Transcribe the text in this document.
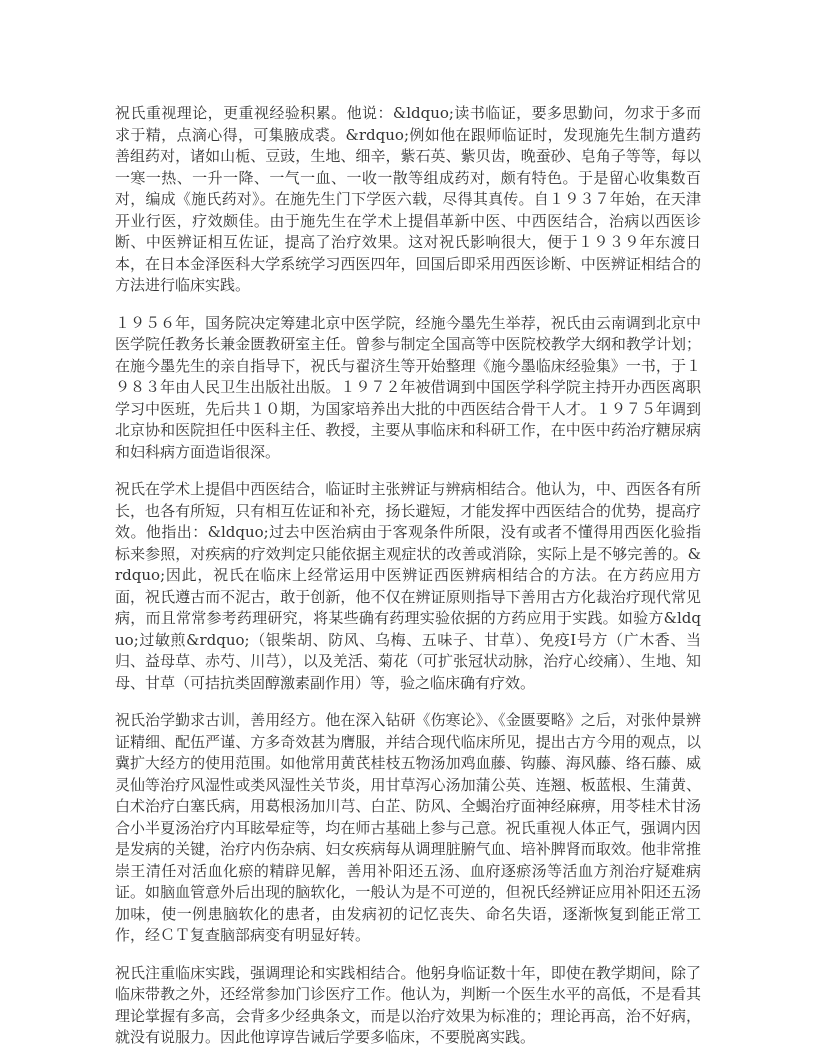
祝氏重视理论，更重视经验积累。他说：&ldquo;读书临证，要多思勤问，勿求于多而求于精，点滴心得，可集腋成裘。&rdquo;例如他在跟师临证时，发现施先生制方遣药善组药对，诸如山栀、豆豉，生地、细辛，紫石英、紫贝齿，晚蚕砂、皂角子等等，每以一寒一热、一升一降、一气一血、一收一散等组成药对，颇有特色。于是留心收集数百对，编成《施氏药对》。在施先生门下学医六载，尽得其真传。自１９３７年始，在天津开业行医，疗效颇佳。由于施先生在学术上提倡革新中医、中西医结合，治病以西医诊断、中医辨证相互佐证，提高了治疗效果。这对祝氏影响很大，便于１９３９年东渡日本，在日本金泽医科大学系统学习西医四年，回国后即采用西医诊断、中医辨证相结合的方法进行临床实践。

１９５６年，国务院决定筹建北京中医学院，经施今墨先生举荐，祝氏由云南调到北京中医学院任教务长兼金匮教研室主任。曾参与制定全国高等中医院校教学大纲和教学计划；在施今墨先生的亲自指导下，祝氏与翟济生等开始整理《施今墨临床经验集》一书，于１９８３年由人民卫生出版社出版。１９７２年被借调到中国医学科学院主持开办西医离职学习中医班，先后共１０期，为国家培养出大批的中西医结合骨干人才。１９７５年调到北京协和医院担任中医科主任、教授，主要从事临床和科研工作，在中医中药治疗糖尿病和妇科病方面造诣很深。

祝氏在学术上提倡中西医结合，临证时主张辨证与辨病相结合。他认为，中、西医各有所长，也各有所短，只有相互佐证和补充，扬长避短，才能发挥中西医结合的优势，提高疗效。他指出：&ldquo;过去中医治病由于客观条件所限，没有或者不懂得用西医化验指标来参照，对疾病的疗效判定只能依据主观症状的改善或消除，实际上是不够完善的。&rdquo;因此，祝氏在临床上经常运用中医辨证西医辨病相结合的方法。在方药应用方面，祝氏遵古而不泥古，敢于创新，他不仅在辨证原则指导下善用古方化裁治疗现代常见病，而且常常参考药理研究，将某些确有药理实验依据的方药应用于实践。如验方&ldquo;过敏煎&rdquo;（银柴胡、防风、乌梅、五味子、甘草）、免疫Ⅰ号方（广木香、当归、益母草、赤芍、川芎），以及羌活、菊花（可扩张冠状动脉，治疗心绞痛）、生地、知母、甘草（可拮抗类固醇激素副作用）等，验之临床确有疗效。

祝氏治学勤求古训，善用经方。他在深入钻研《伤寒论》、《金匮要略》之后，对张仲景辨证精细、配伍严谨、方多奇效甚为膺服，并结合现代临床所见，提出古方今用的观点，以冀扩大经方的使用范围。如他常用黄芪桂枝五物汤加鸡血藤、钩藤、海风藤、络石藤、威灵仙等治疗风湿性或类风湿性关节炎，用甘草泻心汤加蒲公英、连翘、板蓝根、生蒲黄、白术治疗白塞氏病，用葛根汤加川芎、白芷、防风、全蝎治疗面神经麻痹，用苓桂术甘汤合小半夏汤治疗内耳眩晕症等，均在师古基础上参与己意。祝氏重视人体正气，强调内因是发病的关键，治疗内伤杂病、妇女疾病每从调理脏腑气血、培补脾肾而取效。他非常推崇王清任对活血化瘀的精辟见解，善用补阳还五汤、血府逐瘀汤等活血方剂治疗疑难病证。如脑血管意外后出现的脑软化，一般认为是不可逆的，但祝氏经辨证应用补阳还五汤加味，使一例患脑软化的患者，由发病初的记忆丧失、命名失语，逐渐恢复到能正常工作，经ＣＴ复查脑部病变有明显好转。

祝氏注重临床实践，强调理论和实践相结合。他躬身临证数十年，即使在教学期间，除了临床带教之外，还经常参加门诊医疗工作。他认为，判断一个医生水平的高低，不是看其理论掌握有多高，会背多少经典条文，而是以治疗效果为标准的；理论再高，治不好病，就没有说服力。因此他谆谆告诫后学要多临床，不要脱离实践。
